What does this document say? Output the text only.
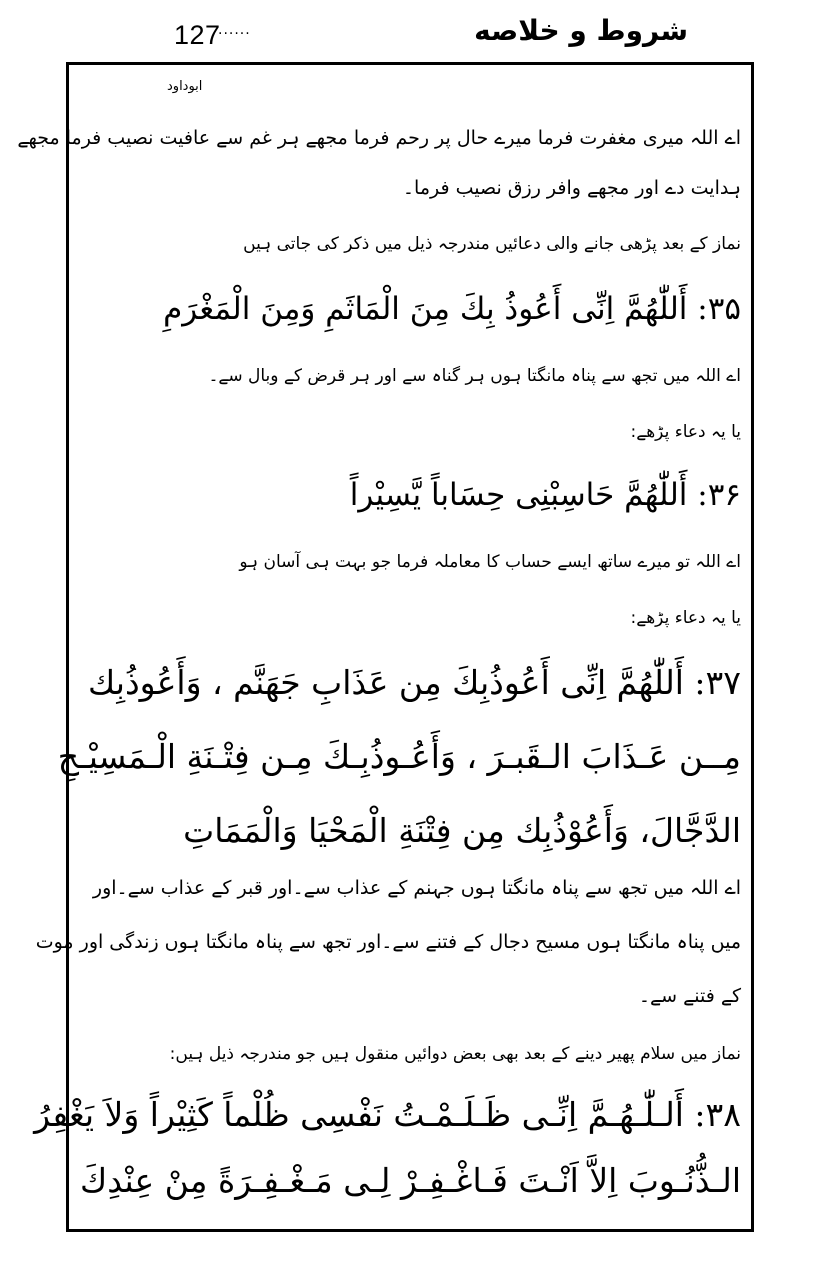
127
......	شروط و خلاصه
ابوداود
اے اللہ میری مغفرت فرما میرے حال پر رحم فرما مجھے ہر غم سے عافیت نصیب فرما مجھے
ہدایت دے اور مجھے وافر رزق نصیب فرما۔
نماز کے بعد پڑھی جانے والی دعائیں مندرجہ ذیل میں ذکر کی جاتی ہیں
۳۵: أَللّٰهُمَّ اِنِّی أَعُوذُ بِكَ مِنَ الْمَاثَمِ وَمِنَ الْمَغْرَمِ
اے اللہ میں تجھ سے پناہ مانگتا ہوں ہر گناہ سے اور ہر قرض کے وبال سے۔
یا یہ دعاء پڑھے:
۳۶: أَللّٰهُمَّ حَاسِبْنِی حِسَاباً يَّسِيْراً
اے اللہ تو میرے ساتھ ایسے حساب کا معاملہ فرما جو بہت ہی آسان ہو
یا یہ دعاء پڑھے:
۳۷: أَللّٰهُمَّ اِنِّی أَعُوذُبِكَ مِن عَذَابِ جَهَنَّم ، وَأَعُوذُبِك
مِــن عَـذَابَ الـقَبـرَ ، وَأَعُـوذُبِـكَ مِـن فِتْـنَةِ الْـمَسِيْـحِ
الدَّجَّالَ، وَأَعُوْذُبِك مِن فِتْنَةِ الْمَحْيَا وَالْمَمَاتِ
اے اللہ میں تجھ سے پناہ مانگتا ہوں جہنم کے عذاب سے۔اور قبر کے عذاب سے۔اور
میں پناہ مانگتا ہوں مسیح دجال کے فتنے سے۔اور تجھ سے پناہ مانگتا ہوں زندگی اور موت
کے فتنے سے۔
نماز میں سلام پھیر دینے کے بعد بھی بعض دوائیں منقول ہیں جو مندرجہ ذیل ہیں:
۳۸: أَلـلّٰـهُـمَّ اِنِّـی ظَـلَـمْـتُ نَفْسِی ظُلْماً كَثِيْراً وَلاَ يَغْفِرُ
الـذُّنُـوبَ اِلاَّ اَنْـتَ فَـاغْـفِـرْ لِـی مَـغْـفِـرَةً مِنْ عِنْدِكَ
